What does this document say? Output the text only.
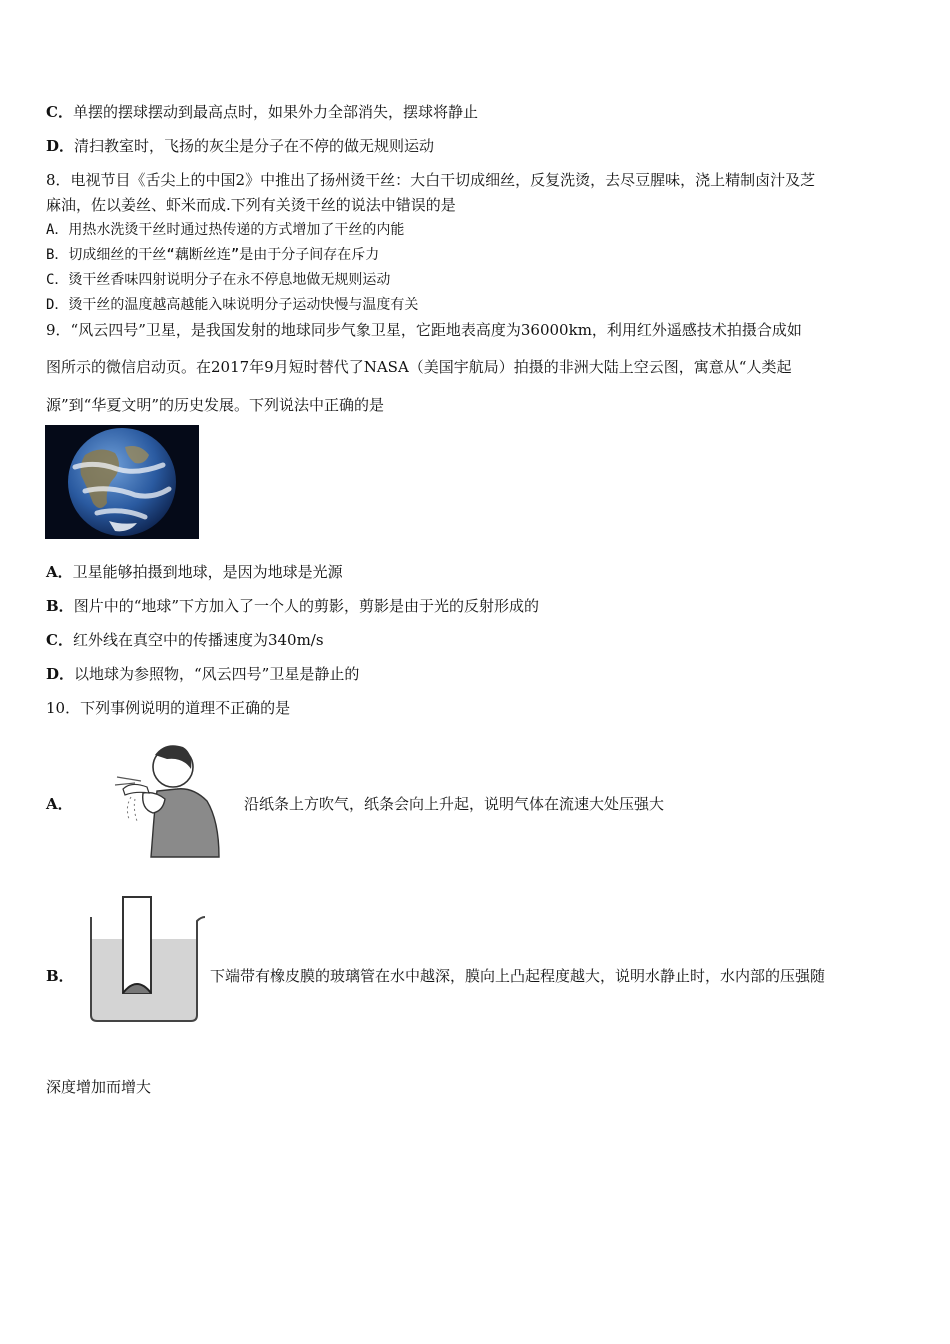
C．单摆的摆球摆动到最高点时，如果外力全部消失，摆球将静止
D．清扫教室时，飞扬的灰尘是分子在不停的做无规则运动
8．电视节目《舌尖上的中国2》中推出了扬州烫干丝：大白干切成细丝，反复洗烫，去尽豆腥味，浇上精制卤汁及芝
麻油，佐以姜丝、虾米而成.下列有关烫干丝的说法中错误的是
A．用热水洗烫干丝时通过热传递的方式增加了干丝的内能
B．切成细丝的干丝“藕断丝连”是由于分子间存在斥力
C．烫干丝香味四射说明分子在永不停息地做无规则运动
D．烫干丝的温度越高越能入味说明分子运动快慢与温度有关
9．“风云四号”卫星，是我国发射的地球同步气象卫星，它距地表高度为36000km，利用红外遥感技术拍摄合成如
图所示的微信启动页。在2017年9月短时替代了NASA（美国宇航局）拍摄的非洲大陆上空云图，寓意从“人类起
源”到“华夏文明”的历史发展。下列说法中正确的是
A．卫星能够拍摄到地球，是因为地球是光源
B．图片中的“地球”下方加入了一个人的剪影，剪影是由于光的反射形成的
C．红外线在真空中的传播速度为340m/s
D．以地球为参照物，“风云四号”卫星是静止的
10．下列事例说明的道理不正确的是
A．	沿纸条上方吹气，纸条会向上升起，说明气体在流速大处压强大
B．	下端带有橡皮膜的玻璃管在水中越深，膜向上凸起程度越大，说明水静止时，水内部的压强随
深度增加而增大
